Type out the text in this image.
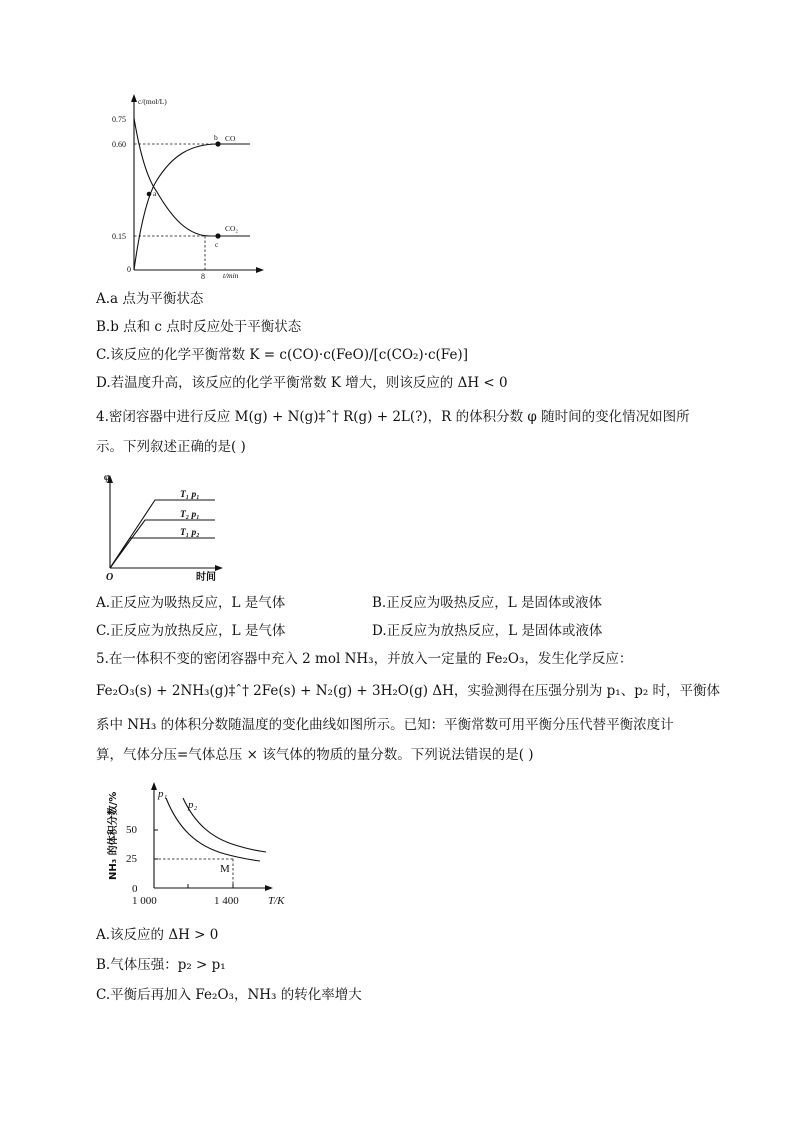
c/(mol/L)
t/min
0.75
0.60
0.15
0
8
a
b CO
c
CO₂
A.a 点为平衡状态
B.b 点和 c 点时反应处于平衡状态
C.该反应的化学平衡常数 K = c(CO)·c(FeO)/[c(CO₂)·c(Fe)]
D.若温度升高，该反应的化学平衡常数 K 增大，则该反应的 ΔH < 0
4.密闭容器中进行反应 M(g) + N(g)‡ˆ† R(g) + 2L(?)，R 的体积分数 φ 随时间的变化情况如图所
示。下列叙述正确的是( )
φ
O	时间
T₁ p₁
T₂ p₁
T₁ p₂
A.正反应为吸热反应，L 是气体	B.正反应为吸热反应，L 是固体或液体
C.正反应为放热反应，L 是气体	D.正反应为放热反应，L 是固体或液体
5.在一体积不变的密闭容器中充入 2 mol NH₃，并放入一定量的 Fe₂O₃，发生化学反应：
Fe₂O₃(s) + 2NH₃(g)‡ˆ† 2Fe(s) + N₂(g) + 3H₂O(g) ΔH，实验测得在压强分别为 p₁、p₂ 时，平衡体
系中 NH₃ 的体积分数随温度的变化曲线如图所示。已知：平衡常数可用平衡分压代替平衡浓度计
算，气体分压=气体总压 × 该气体的物质的量分数。下列说法错误的是( )
NH₃ 的体积分数/% 50
25
0
1 000	1 400	T/K
p₁
p₂
M
A.该反应的 ΔH > 0
B.气体压强：p₂ > p₁
C.平衡后再加入 Fe₂O₃，NH₃ 的转化率增大
